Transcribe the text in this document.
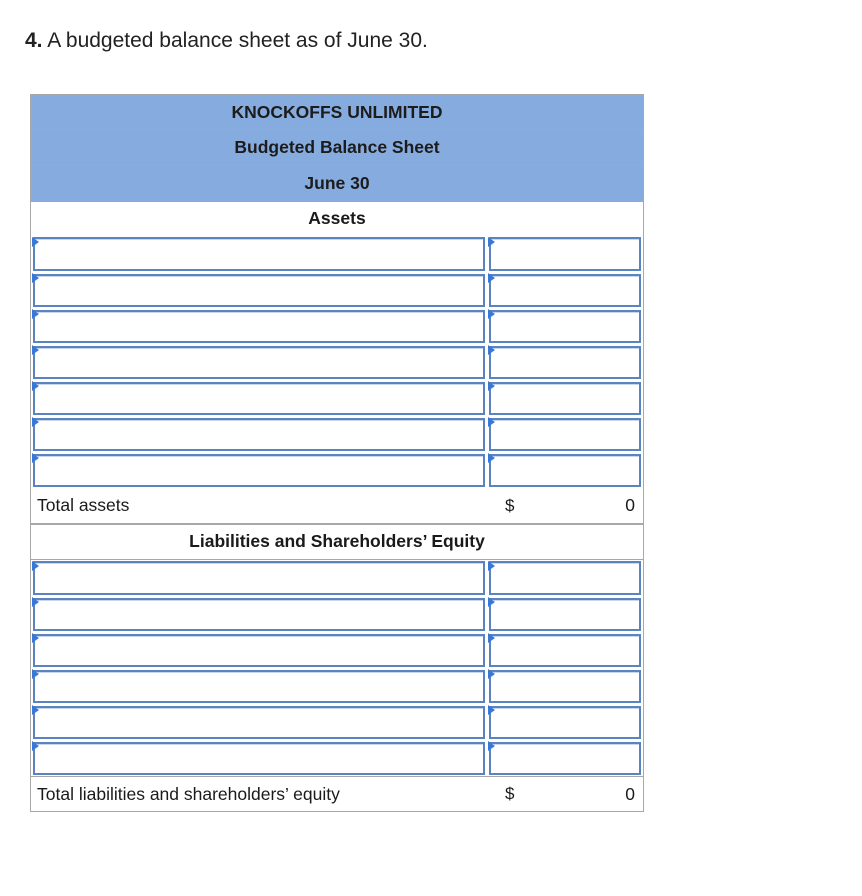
4. A budgeted balance sheet as of June 30.
KNOCKOFFS UNLIMITED
Budgeted Balance Sheet
June 30
Assets
Total assets	$	0
Liabilities and Shareholders’ Equity
Total liabilities and shareholders’ equity	$	0
